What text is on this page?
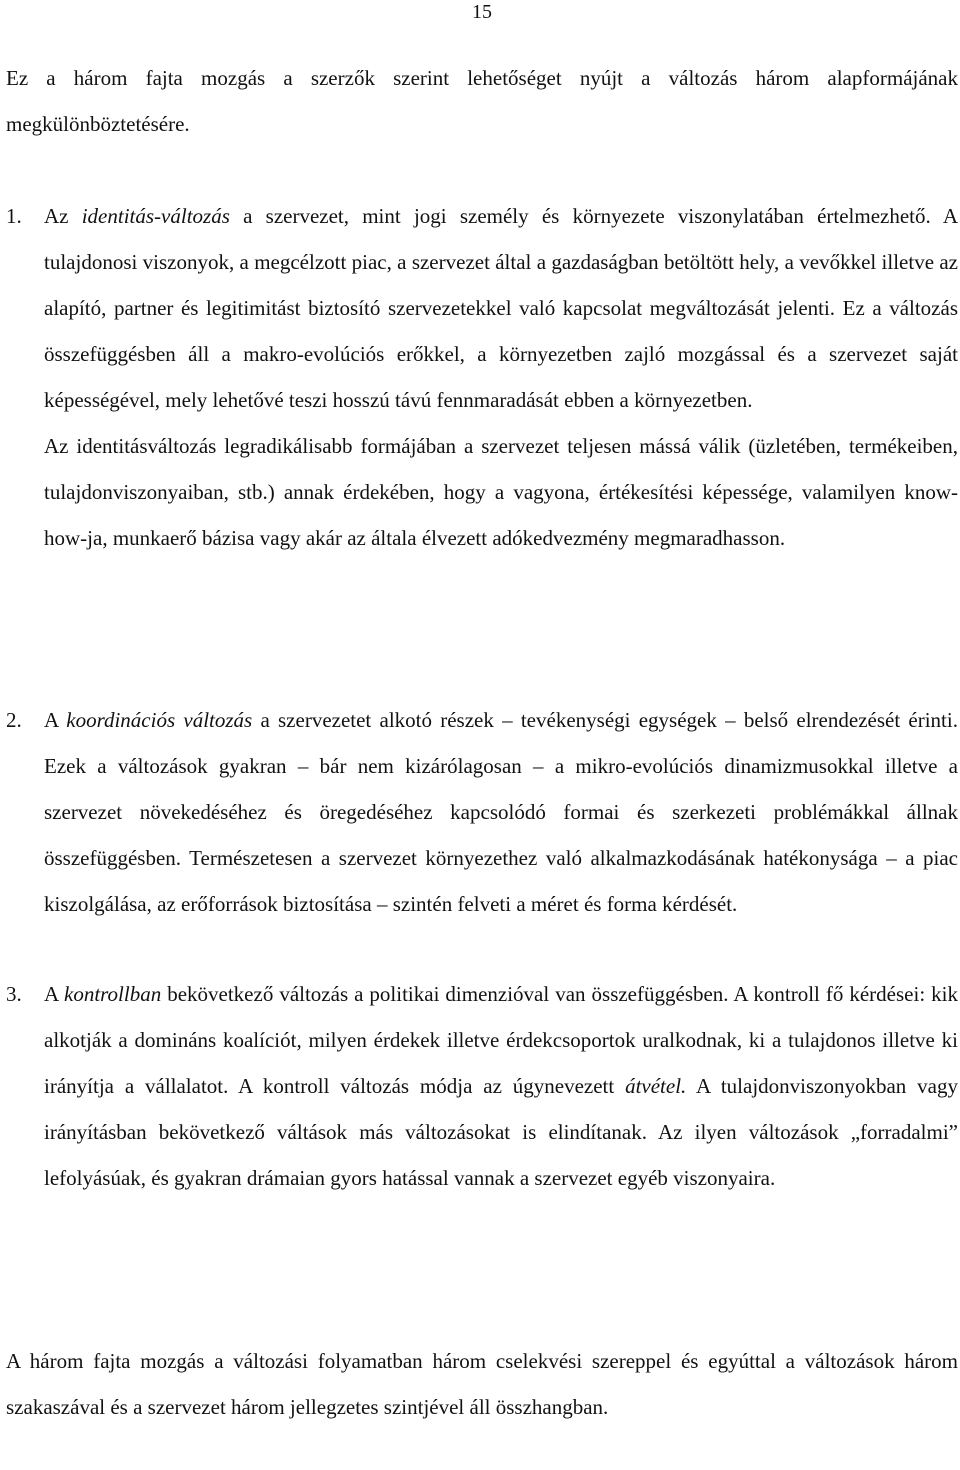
15
Ez a három fajta mozgás a szerzők szerint lehetőséget nyújt a változás három alapformájának megkülönböztetésére.
1. Az identitás-változás a szervezet, mint jogi személy és környezete viszonylatában értelmezhető. A tulajdonosi viszonyok, a megcélzott piac, a szervezet által a gazdaságban betöltött hely, a vevőkkel illetve az alapító, partner és legitimitást biztosító szervezetekkel való kapcsolat megváltozását jelenti. Ez a változás összefüggésben áll a makro-evolúciós erőkkel, a környezetben zajló mozgással és a szervezet saját képességével, mely lehetővé teszi hosszú távú fennmaradását ebben a környezetben.

Az identitásváltozás legradikálisabb formájában a szervezet teljesen mássá válik (üzletében, termékeiben, tulajdonviszonyaiban, stb.) annak érdekében, hogy a vagyona, értékesítési képessége, valamilyen know-how-ja, munkaerő bázisa vagy akár az általa élvezett adókedvezmény megmaradhasson.

2. A koordinációs változás a szervezetet alkotó részek – tevékenységi egységek – belső elrendezését érinti. Ezek a változások gyakran – bár nem kizárólagosan – a mikro-evolúciós dinamizmusokkal illetve a szervezet növekedéséhez és öregedéséhez kapcsolódó formai és szerkezeti problémákkal állnak összefüggésben. Természetesen a szervezet környezethez való alkalmazkodásának hatékonysága – a piac kiszolgálása, az erőforrások biztosítása – szintén felveti a méret és forma kérdését.

3. A kontrollban bekövetkező változás a politikai dimenzióval van összefüggésben. A kontroll fő kérdései: kik alkotják a domináns koalíciót, milyen érdekek illetve érdekcsoportok uralkodnak, ki a tulajdonos illetve ki irányítja a vállalatot. A kontroll változás módja az úgynevezett átvétel. A tulajdonviszonyokban vagy irányításban bekövetkező váltások más változásokat is elindítanak. Az ilyen változások „forradalmi” lefolyásúak, és gyakran drámaian gyors hatással vannak a szervezet egyéb viszonyaira.

A három fajta mozgás a változási folyamatban három cselekvési szereppel és egyúttal a változások három szakaszával és a szervezet három jellegzetes szintjével áll összhangban.
